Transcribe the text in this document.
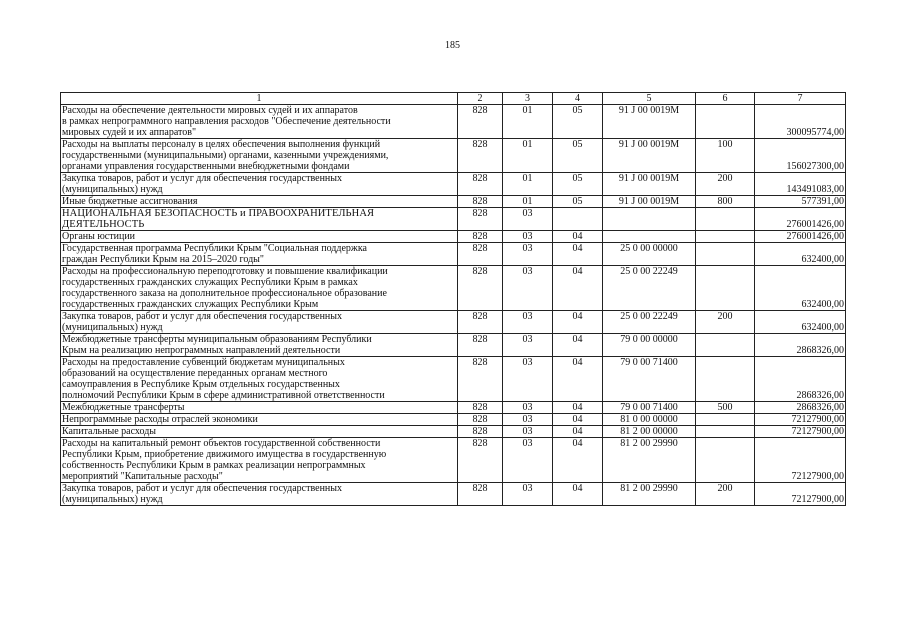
185
1	2	3	4	5	6	7

Расходы на обеспечение деятельности мировых судей и их аппаратов
в рамках непрограммного направления расходов "Обеспечение деятельности
мировых судей и их аппаратов"	828	01	05	91 J 00 0019M		300095774,00

Расходы на выплаты персоналу в целях обеспечения выполнения функций
государственными (муниципальными) органами, казенными учреждениями,
органами управления государственными внебюджетными фондами	828	01	05	91 J 00 0019M	100	156027300,00

Закупка товаров, работ и услуг для обеспечения государственных
(муниципальных) нужд	828	01	05	91 J 00 0019M	200	143491083,00

Иные бюджетные ассигнования	828	01	05	91 J 00 0019M	800	577391,00

НАЦИОНАЛЬНАЯ БЕЗОПАСНОСТЬ и ПРАВООХРАНИТЕЛЬНАЯ
ДЕЯТЕЛЬНОСТЬ	828	03				276001426,00

Органы юстиции	828	03	04			276001426,00

Государственная программа Республики Крым "Социальная поддержка
граждан Республики Крым на 2015–2020 годы"	828	03	04	25 0 00 00000		632400,00

Расходы на профессиональную переподготовку и повышение квалификации
государственных гражданских служащих Республики Крым в рамках
государственного заказа на дополнительное профессиональное образование
государственных гражданских служащих Республики Крым	828	03	04	25 0 00 22249		632400,00

Закупка товаров, работ и услуг для обеспечения государственных
(муниципальных) нужд	828	03	04	25 0 00 22249	200	632400,00

Межбюджетные трансферты муниципальным образованиям Республики
Крым на реализацию непрограммных направлений деятельности	828	03	04	79 0 00 00000		2868326,00

Расходы на предоставление субвенций бюджетам муниципальных
образований на осуществление переданных органам местного
самоуправления в Республике Крым отдельных государственных
полномочий Республики Крым в сфере административной ответственности	828	03	04	79 0 00 71400		2868326,00

Межбюджетные трансферты	828	03	04	79 0 00 71400	500	2868326,00

Непрограммные расходы отраслей экономики	828	03	04	81 0 00 00000		72127900,00

Капитальные расходы	828	03	04	81 2 00 00000		72127900,00

Расходы на капитальный ремонт объектов государственной собственности
Республики Крым, приобретение движимого имущества в государственную
собственность Республики Крым в рамках реализации непрограммных
мероприятий "Капитальные расходы"	828	03	04	81 2 00 29990		72127900,00

Закупка товаров, работ и услуг для обеспечения государственных
(муниципальных) нужд	828	03	04	81 2 00 29990	200	72127900,00
